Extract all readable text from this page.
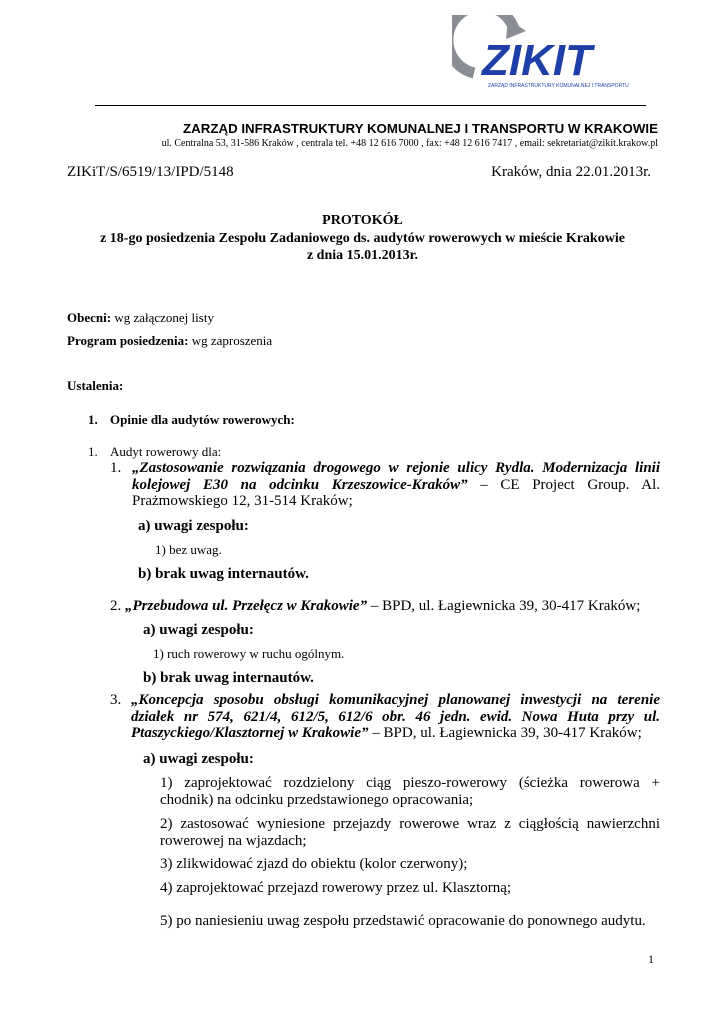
ZIKIT
ZARZĄD INFRASTRUKTURY KOMUNALNEJ I TRANSPORTU
ZARZĄD INFRASTRUKTURY KOMUNALNEJ I TRANSPORTU W KRAKOWIE
ul. Centralna 53, 31-586 Kraków , centrala tel. +48 12 616 7000 , fax: +48 12 616 7417 , email: sekretariat@zikit.krakow.pl
ZIKiT/S/6519/13/IPD/5148	Kraków, dnia 22.01.2013r.
PROTOKÓŁ
z 18-go posiedzenia Zespołu Zadaniowego ds. audytów rowerowych w mieście Krakowie
z dnia 15.01.2013r.
Obecni: wg załączonej listy
Program posiedzenia: wg zaproszenia
Ustalenia:
1. Opinie dla audytów rowerowych:
1. Audyt rowerowy dla:
1. „Zastosowanie rozwiązania drogowego w rejonie ulicy Rydla. Modernizacja linii kolejowej E30 na odcinku Krzeszowice-Kraków” – CE Project Group. Al. Prażmowskiego 12, 31-514 Kraków;
a) uwagi zespołu:
1) bez uwag.
b) brak uwag internautów.
2. „Przebudowa ul. Przełęcz w Krakowie” – BPD, ul. Łagiewnicka 39, 30-417 Kraków;
a) uwagi zespołu:
1) ruch rowerowy w ruchu ogólnym.
b) brak uwag internautów.
3. „Koncepcja sposobu obsługi komunikacyjnej planowanej inwestycji na terenie działek nr 574, 621/4, 612/5, 612/6 obr. 46 jedn. ewid. Nowa Huta przy ul. Ptaszyckiego/Klasztornej w Krakowie” – BPD, ul. Łagiewnicka 39, 30-417 Kraków;
a) uwagi zespołu:
1) zaprojektować rozdzielony ciąg pieszo-rowerowy (ścieżka rowerowa + chodnik) na odcinku przedstawionego opracowania;
2) zastosować wyniesione przejazdy rowerowe wraz z ciągłością nawierzchni rowerowej na wjazdach;
3) zlikwidować zjazd do obiektu (kolor czerwony);
4) zaprojektować przejazd rowerowy przez ul. Klasztorną;
5) po naniesieniu uwag zespołu przedstawić opracowanie do ponownego audytu.
1
